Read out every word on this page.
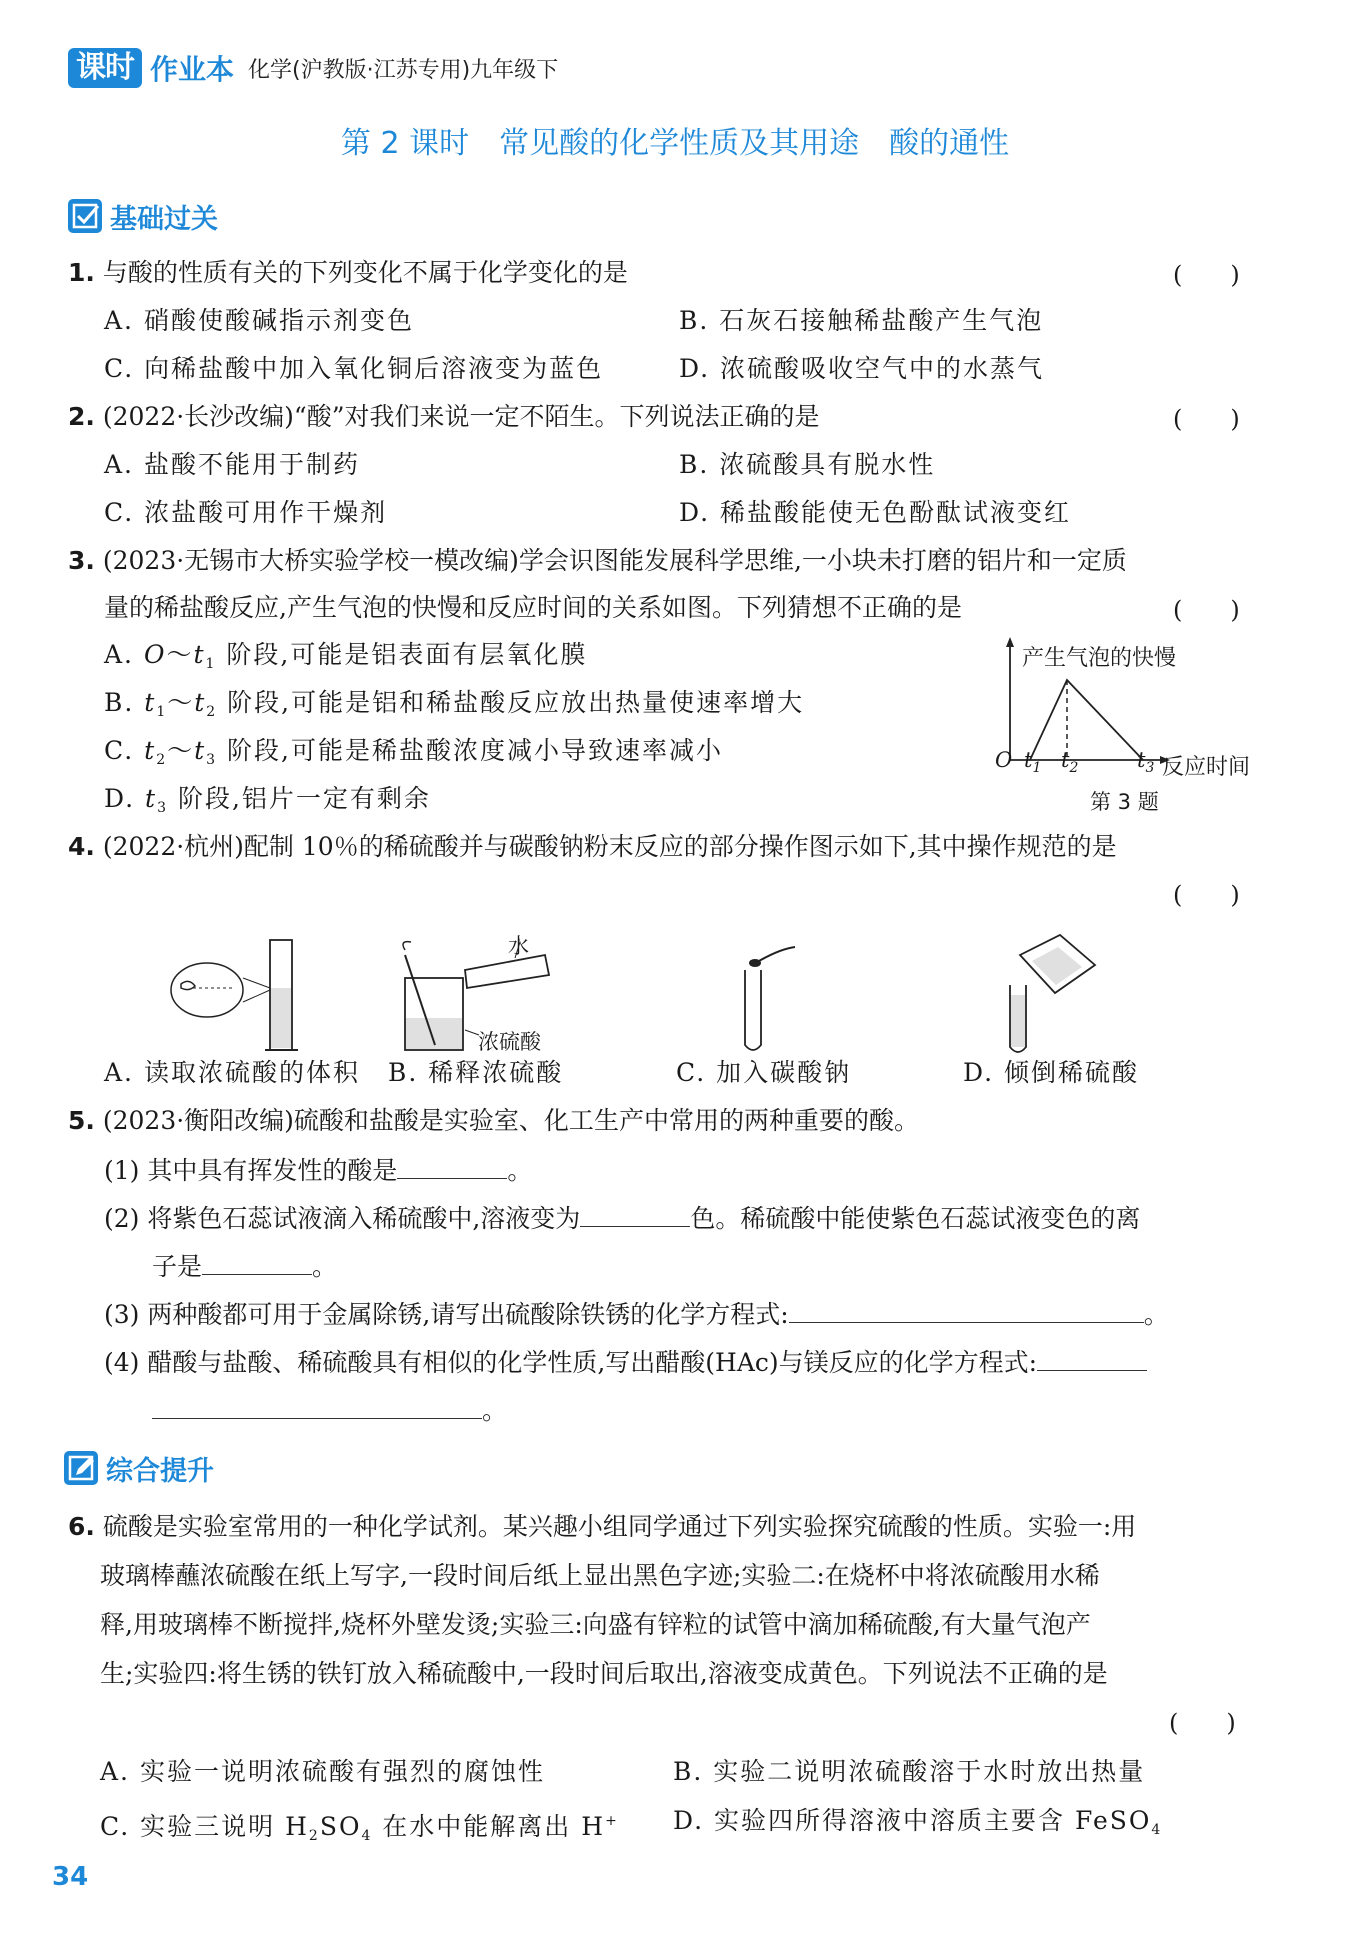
课时 作业本 化学(沪教版·江苏专用)九年级下
第 2 课时　常见酸的化学性质及其用途　酸的通性
基础过关
1. 与酸的性质有关的下列变化不属于化学变化的是	(　　)
A. 硝酸使酸碱指示剂变色	B. 石灰石接触稀盐酸产生气泡
C. 向稀盐酸中加入氧化铜后溶液变为蓝色	D. 浓硫酸吸收空气中的水蒸气
2. (2022·长沙改编)“酸”对我们来说一定不陌生。下列说法正确的是	(　　)
A. 盐酸不能用于制药	B. 浓硫酸具有脱水性
C. 浓盐酸可用作干燥剂	D. 稀盐酸能使无色酚酞试液变红
3. (2023·无锡市大桥实验学校一模改编)学会识图能发展科学思维,一小块未打磨的铝片和一定质
量的稀盐酸反应,产生气泡的快慢和反应时间的关系如图。下列猜想不正确的是	(　　)
A. $O\sim t_1$ 阶段,可能是铝表面有层氧化膜
B. $t_1\sim t_2$ 阶段,可能是铝和稀盐酸反应放出热量使速率增大
C. $t_2\sim t_3$ 阶段,可能是稀盐酸浓度减小导致速率减小
D. $t_3$ 阶段,铝片一定有剩余
产生气泡的快慢
反应时间
O $t_1$ $t_2$	$t_3$
第 3 题
4. (2022·杭州)配制 10％的稀硫酸并与碳酸钠粉末反应的部分操作图示如下,其中操作规范的是
(　　)
水
浓硫酸
A. 读取浓硫酸的体积 B. 稀释浓硫酸	C. 加入碳酸钠	D. 倾倒稀硫酸
5. (2023·衡阳改编)硫酸和盐酸是实验室、化工生产中常用的两种重要的酸。
(1) 其中具有挥发性的酸是	。
(2) 将紫色石蕊试液滴入稀硫酸中,溶液变为	色。稀硫酸中能使紫色石蕊试液变色的离
子是	。
(3) 两种酸都可用于金属除锈,请写出硫酸除铁锈的化学方程式:	。
(4) 醋酸与盐酸、稀硫酸具有相似的化学性质,写出醋酸(HAc)与镁反应的化学方程式:
。
综合提升
6. 硫酸是实验室常用的一种化学试剂。某兴趣小组同学通过下列实验探究硫酸的性质。实验一:用
玻璃棒蘸浓硫酸在纸上写字,一段时间后纸上显出黑色字迹;实验二:在烧杯中将浓硫酸用水稀
释,用玻璃棒不断搅拌,烧杯外壁发烫;实验三:向盛有锌粒的试管中滴加稀硫酸,有大量气泡产
生;实验四:将生锈的铁钉放入稀硫酸中,一段时间后取出,溶液变成黄色。下列说法不正确的是
(　　)
A. 实验一说明浓硫酸有强烈的腐蚀性	B. 实验二说明浓硫酸溶于水时放出热量
C. 实验三说明 $H_2SO_4$ 在水中能解离出 H+ D. 实验四所得溶液中溶质主要含 FeSO$_4$
34
